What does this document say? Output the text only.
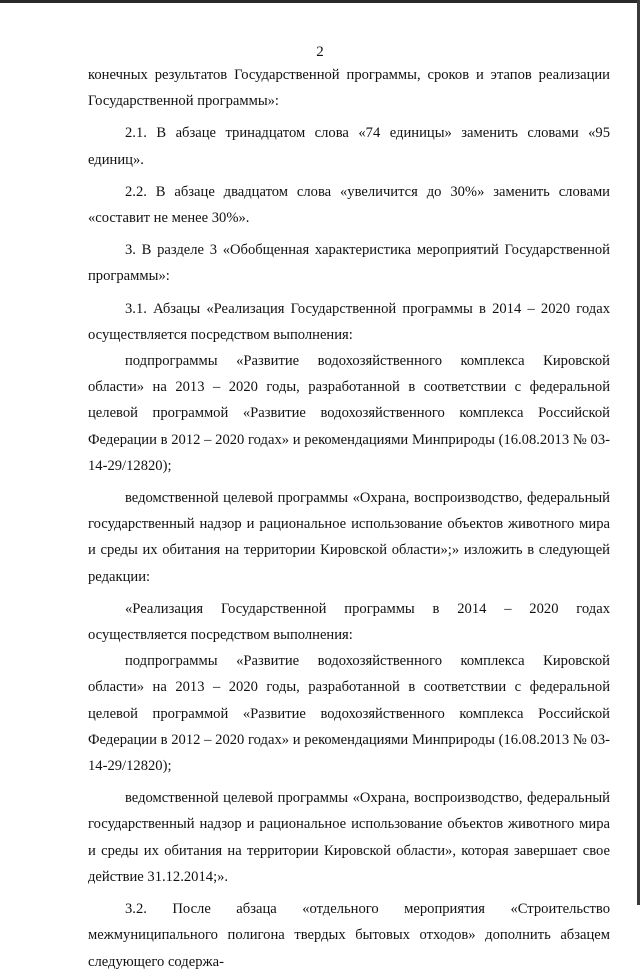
2

конечных результатов Государственной программы, сроков и этапов реализации Государственной программы»:

2.1. В абзаце тринадцатом слова «74 единицы» заменить словами «95 единиц».

2.2. В абзаце двадцатом слова «увеличится до 30%» заменить словами «составит не менее 30%».

3. В разделе 3 «Обобщенная характеристика мероприятий Государственной программы»:

3.1. Абзацы «Реализация Государственной программы в 2014 – 2020 годах осуществляется посредством выполнения:

подпрограммы «Развитие водохозяйственного комплекса Кировской области» на 2013 – 2020 годы, разработанной в соответствии с федеральной целевой программой «Развитие водохозяйственного комплекса Российской Федерации в 2012 – 2020 годах» и рекомендациями Минприроды (16.08.2013 № 03-14-29/12820);

ведомственной целевой программы «Охрана, воспроизводство, федеральный государственный надзор и рациональное использование объектов животного мира и среды их обитания на территории Кировской области»;» изложить в следующей редакции:

«Реализация Государственной программы в 2014 – 2020 годах осуществляется посредством выполнения:

подпрограммы «Развитие водохозяйственного комплекса Кировской области» на 2013 – 2020 годы, разработанной в соответствии с федеральной целевой программой «Развитие водохозяйственного комплекса Российской Федерации в 2012 – 2020 годах» и рекомендациями Минприроды (16.08.2013 № 03-14-29/12820);

ведомственной целевой программы «Охрана, воспроизводство, федеральный государственный надзор и рациональное использование объектов животного мира и среды их обитания на территории Кировской области», которая завершает свое действие 31.12.2014;».

3.2. После абзаца «отдельного мероприятия «Строительство межмуниципального полигона твердых бытовых отходов» дополнить абзацем следующего содержа-
